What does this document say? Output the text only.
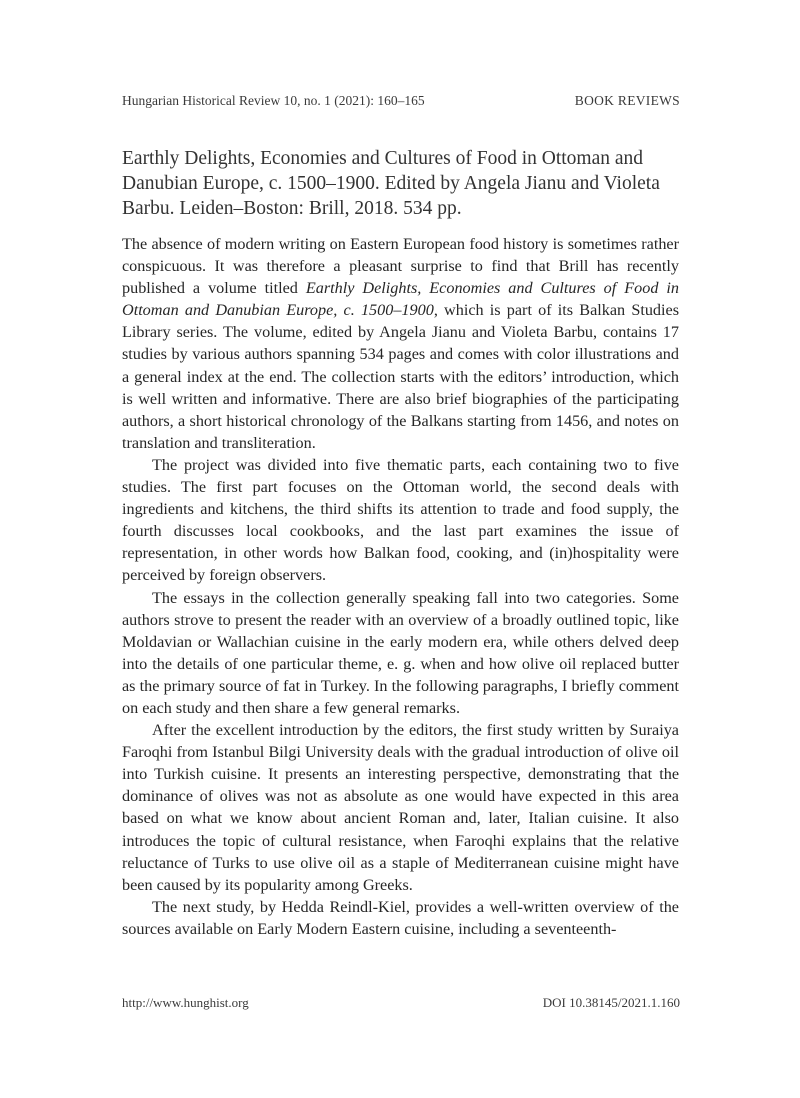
Hungarian Historical Review 10, no. 1 (2021): 160–165	BOOK REVIEWS
Earthly Delights, Economies and Cultures of Food in Ottoman and Danubian Europe, c. 1500–1900. Edited by Angela Jianu and Violeta Barbu. Leiden–Boston: Brill, 2018. 534 pp.

The absence of modern writing on Eastern European food history is sometimes rather conspicuous. It was therefore a pleasant surprise to find that Brill has recently published a volume titled Earthly Delights, Economies and Cultures of Food in Ottoman and Danubian Europe, c. 1500–1900, which is part of its Balkan Studies Library series. The volume, edited by Angela Jianu and Violeta Barbu, contains 17 studies by various authors spanning 534 pages and comes with color illustrations and a general index at the end. The collection starts with the editors’ introduction, which is well written and informative. There are also brief biographies of the participating authors, a short historical chronology of the Balkans starting from 1456, and notes on translation and transliteration.

The project was divided into five thematic parts, each containing two to five studies. The first part focuses on the Ottoman world, the second deals with ingredients and kitchens, the third shifts its attention to trade and food supply, the fourth discusses local cookbooks, and the last part examines the issue of representation, in other words how Balkan food, cooking, and (in)hospitality were perceived by foreign observers.

The essays in the collection generally speaking fall into two categories. Some authors strove to present the reader with an overview of a broadly outlined topic, like Moldavian or Wallachian cuisine in the early modern era, while others delved deep into the details of one particular theme, e. g. when and how olive oil replaced butter as the primary source of fat in Turkey. In the following paragraphs, I briefly comment on each study and then share a few general remarks.

After the excellent introduction by the editors, the first study written by Suraiya Faroqhi from Istanbul Bilgi University deals with the gradual introduction of olive oil into Turkish cuisine. It presents an interesting perspective, demonstrating that the dominance of olives was not as absolute as one would have expected in this area based on what we know about ancient Roman and, later, Italian cuisine. It also introduces the topic of cultural resistance, when Faroqhi explains that the relative reluctance of Turks to use olive oil as a staple of Mediterranean cuisine might have been caused by its popularity among Greeks.

The next study, by Hedda Reindl-Kiel, provides a well-written overview of the sources available on Early Modern Eastern cuisine, including a seventeenth-

http://www.hunghist.org	DOI 10.38145/2021.1.160
